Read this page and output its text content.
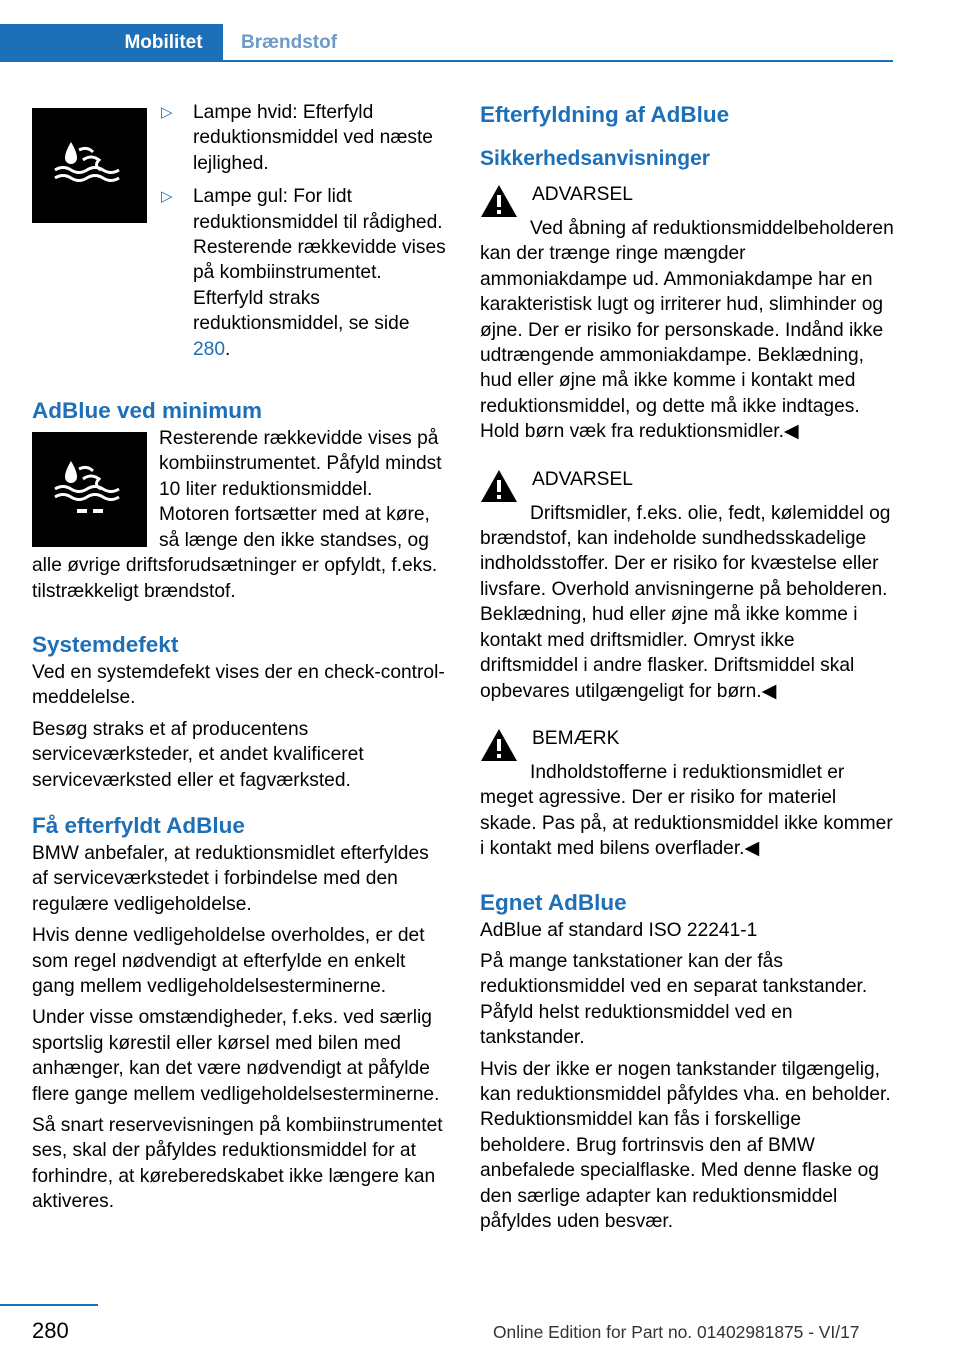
Mobilitet	Brændstof
▷ Lampe hvid: Efterfyld reduktionsmiddel ved næste lejlighed.
▷ Lampe gul: For lidt reduktionsmiddel til rådighed. Resterende rækkevidde vises på kombiinstrumentet. Efterfyld straks reduktionsmiddel, se side 280.
AdBlue ved minimum

Resterende rækkevidde vises på kombiinstrumentet. Påfyld mindst 10 liter reduktionsmiddel. Motoren fortsætter med at køre, så længe den ikke standses, og alle øvrige driftsforudsætninger er opfyldt, f.eks. tilstrækkeligt brændstof.

Systemdefekt

Ved en systemdefekt vises der en check-control-meddelelse.

Besøg straks et af producentens serviceværksteder, et andet kvalificeret serviceværksted eller et fagværksted.

Få efterfyldt AdBlue

BMW anbefaler, at reduktionsmidlet efterfyldes af serviceværkstedet i forbindelse med den regulære vedligeholdelse.

Hvis denne vedligeholdelse overholdes, er det som regel nødvendigt at efterfylde en enkelt gang mellem vedligeholdelsesterminerne.

Under visse omstændigheder, f.eks. ved særlig sportslig kørestil eller kørsel med bilen med anhænger, kan det være nødvendigt at påfylde flere gange mellem vedligeholdelsesterminerne.

Så snart reservevisningen på kombiinstrumentet ses, skal der påfyldes reduktionsmiddel for at forhindre, at køreberedskabet ikke længere kan aktiveres.

Efterfyldning af AdBlue
Sikkerhedsanvisninger
ADVARSEL

Ved åbning af reduktionsmiddelbeholderen kan der trænge ringe mængder ammoniakdampe ud. Ammoniakdampe har en karakteristisk lugt og irriterer hud, slimhinder og øjne. Der er risiko for personskade. Indånd ikke udtrængende ammoniakdampe. Beklædning, hud eller øjne må ikke komme i kontakt med reduktionsmiddel, og dette må ikke indtages. Hold børn væk fra reduktionsmidler.◀

ADVARSEL

Driftsmidler, f.eks. olie, fedt, kølemiddel og brændstof, kan indeholde sundhedsskadelige indholdsstoffer. Der er risiko for kvæstelse eller livsfare. Overhold anvisningerne på beholderen. Beklædning, hud eller øjne må ikke komme i kontakt med driftsmidler. Omryst ikke driftsmiddel i andre flasker. Driftsmiddel skal opbevares utilgængeligt for børn.◀

BEMÆRK

Indholdstofferne i reduktionsmidlet er meget agressive. Der er risiko for materiel skade. Pas på, at reduktionsmiddel ikke kommer i kontakt med bilens overflader.◀

Egnet AdBlue

AdBlue af standard ISO 22241-1

På mange tankstationer kan der fås reduktionsmiddel ved en separat tankstander. Påfyld helst reduktionsmiddel ved en tankstander.

Hvis der ikke er nogen tankstander tilgængelig, kan reduktionsmiddel påfyldes vha. en beholder. Reduktionsmiddel kan fås i forskellige beholdere. Brug fortrinsvis den af BMW anbefalede specialflaske. Med denne flaske og den særlige adapter kan reduktionsmiddel påfyldes uden besvær.

280	Online Edition for Part no. 01402981875 - VI/17
